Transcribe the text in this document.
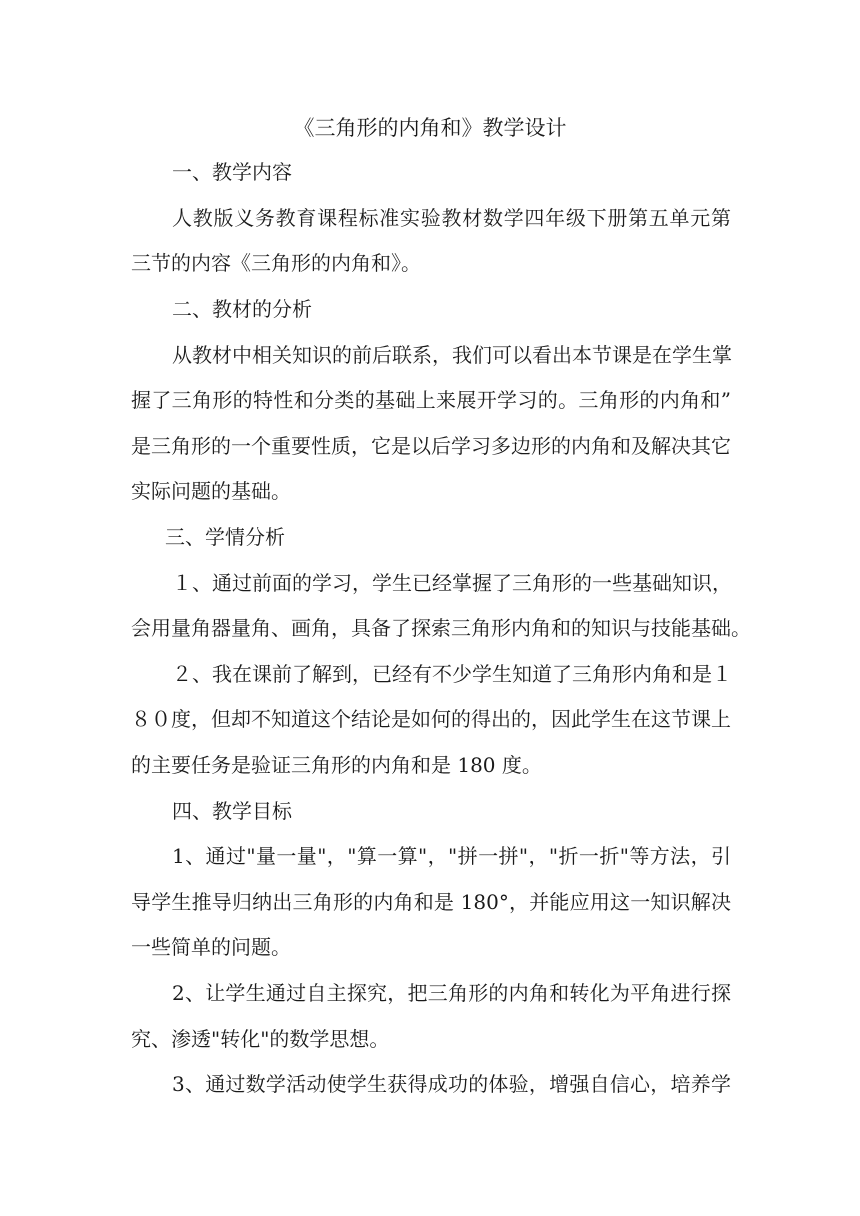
《三角形的内角和》教学设计
一、教学内容
人教版义务教育课程标准实验教材数学四年级下册第五单元第
三节的内容《三角形的内角和》。
二、教材的分析
从教材中相关知识的前后联系，我们可以看出本节课是在学生掌
握了三角形的特性和分类的基础上来展开学习的。三角形的内角和”
是三角形的一个重要性质，它是以后学习多边形的内角和及解决其它
实际问题的基础。
三、学情分析
１、通过前面的学习，学生已经掌握了三角形的一些基础知识，
会用量角器量角、画角，具备了探索三角形内角和的知识与技能基础。
２、我在课前了解到，已经有不少学生知道了三角形内角和是１
８０度，但却不知道这个结论是如何的得出的，因此学生在这节课上
的主要任务是验证三角形的内角和是 180 度。
四、教学目标
1、通过"量一量"，"算一算"，"拼一拼"，"折一折"等方法，引
导学生推导归纳出三角形的内角和是 180°，并能应用这一知识解决
一些简单的问题。
2、让学生通过自主探究，把三角形的内角和转化为平角进行探
究、渗透"转化"的数学思想。
3、通过数学活动使学生获得成功的体验，增强自信心，培养学
